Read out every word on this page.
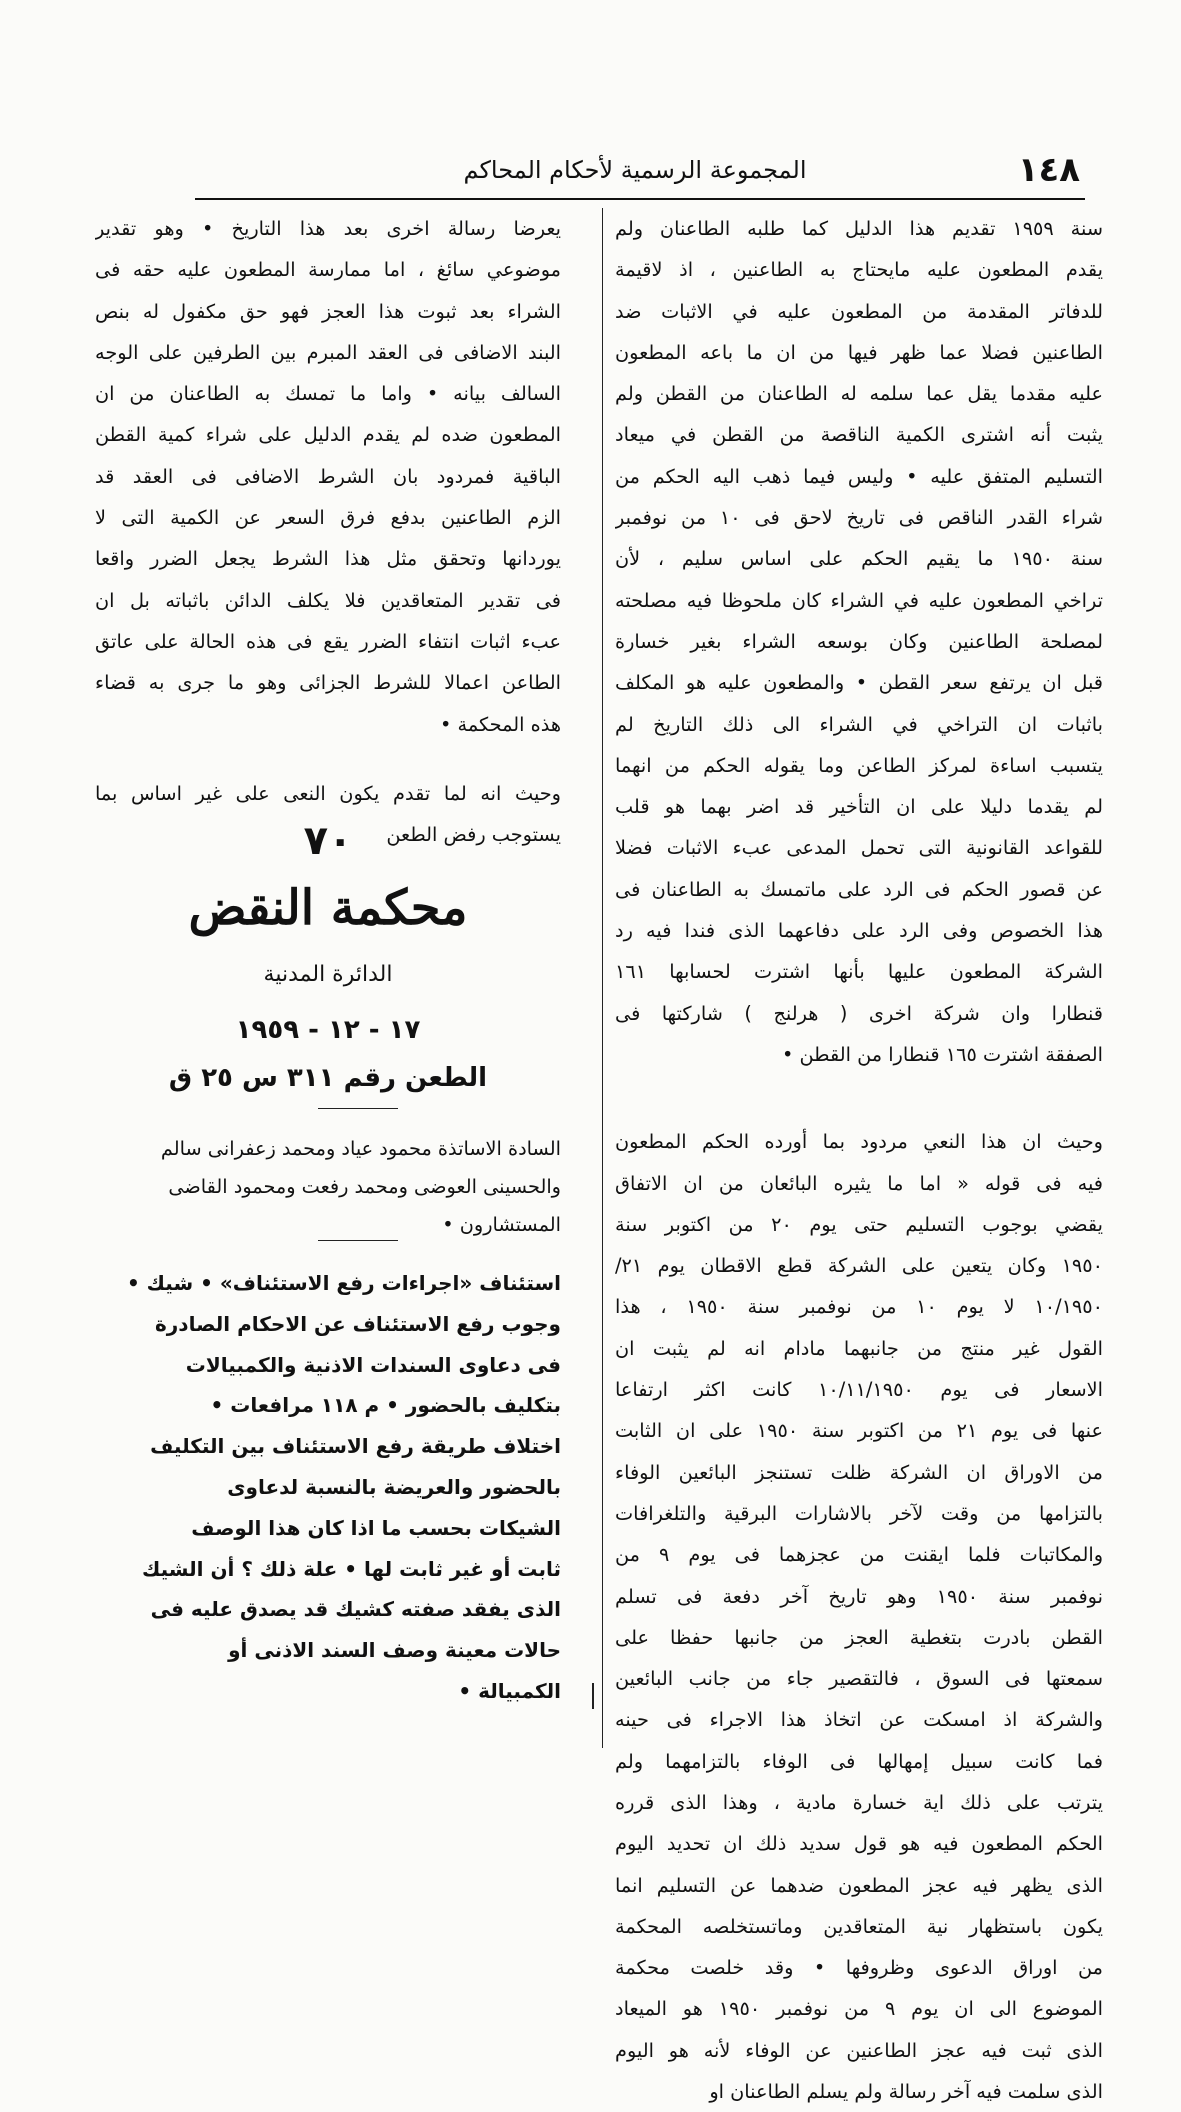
١٤٨
المجموعة الرسمية لأحكام المحاكم
سنة ١٩٥٩ تقديم هذا الدليل كما طلبه الطاعنان ولم
يقدم المطعون عليه مايحتاج به الطاعنين ، اذ لاقيمة
للدفاتر المقدمة من المطعون عليه في الاثبات ضد
الطاعنين فضلا عما ظهر فيها من ان ما باعه المطعون
عليه مقدما يقل عما سلمه له الطاعنان من القطن ولم
يثبت أنه اشترى الكمية الناقصة من القطن في ميعاد
التسليم المتفق عليه • وليس فيما ذهب اليه الحكم من
شراء القدر الناقص فى تاريخ لاحق فى ١٠ من نوفمبر
سنة ١٩٥٠ ما يقيم الحكم على اساس سليم ، لأن
تراخي المطعون عليه في الشراء كان ملحوظا فيه مصلحته
لمصلحة الطاعنين وكان بوسعه الشراء بغير خسارة
قبل ان يرتفع سعر القطن • والمطعون عليه هو المكلف
باثبات ان التراخي في الشراء الى ذلك التاريخ لم
يتسبب اساءة لمركز الطاعن وما يقوله الحكم من انهما
لم يقدما دليلا على ان التأخير قد اضر بهما هو قلب
للقواعد القانونية التى تحمل المدعى عبء الاثبات فضلا
عن قصور الحكم فى الرد على ماتمسك به الطاعنان فى
هذا الخصوص وفى الرد على دفاعهما الذى فندا فيه رد
الشركة المطعون عليها بأنها اشترت لحسابها ١٦١
قنطارا وان شركة اخرى ( هرلنج ) شاركتها فى
الصفقة اشترت ١٦٥ قنطارا من القطن •
وحيث ان هذا النعي مردود بما أورده الحكم المطعون
فيه فى قوله « اما ما يثيره البائعان من ان الاتفاق
يقضي بوجوب التسليم حتى يوم ٢٠ من اكتوبر سنة
١٩٥٠ وكان يتعين على الشركة قطع الاقطان يوم ٢١/
١٠/١٩٥٠ لا يوم ١٠ من نوفمبر سنة ١٩٥٠ ، هذا
القول غير منتج من جانبهما مادام انه لم يثبت ان
الاسعار فى يوم ١٠/١١/١٩٥٠ كانت اكثر ارتفاعا
عنها فى يوم ٢١ من اكتوبر سنة ١٩٥٠ على ان الثابت
من الاوراق ان الشركة ظلت تستنجز البائعين الوفاء
بالتزامها من وقت لآخر بالاشارات البرقية والتلغرافات
والمكاتبات فلما ايقنت من عجزهما فى يوم ٩ من
نوفمبر سنة ١٩٥٠ وهو تاريخ آخر دفعة فى تسلم
القطن بادرت بتغطية العجز من جانبها حفظا على
سمعتها فى السوق ، فالتقصير جاء من جانب البائعين
والشركة اذ امسكت عن اتخاذ هذا الاجراء فى حينه
فما كانت سبيل إمهالها فى الوفاء بالتزامهما ولم
يترتب على ذلك اية خسارة مادية ، وهذا الذى قرره
الحكم المطعون فيه هو قول سديد ذلك ان تحديد اليوم
الذى يظهر فيه عجز المطعون ضدهما عن التسليم انما
يكون باستظهار نية المتعاقدين وماتستخلصه المحكمة
من اوراق الدعوى وظروفها • وقد خلصت محكمة
الموضوع الى ان يوم ٩ من نوفمبر ١٩٥٠ هو الميعاد
الذى ثبت فيه عجز الطاعنين عن الوفاء لأنه هو اليوم
الذى سلمت فيه آخر رسالة ولم يسلم الطاعنان او
يعرضا رسالة اخرى بعد هذا التاريخ • وهو تقدير
موضوعي سائغ ، اما ممارسة المطعون عليه حقه فى
الشراء بعد ثبوت هذا العجز فهو حق مكفول له بنص
البند الاضافى فى العقد المبرم بين الطرفين على الوجه
السالف بيانه • واما ما تمسك به الطاعنان من ان
المطعون ضده لم يقدم الدليل على شراء كمية القطن
الباقية فمردود بان الشرط الاضافى فى العقد قد
الزم الطاعنين بدفع فرق السعر عن الكمية التى لا
يوردانها وتحقق مثل هذا الشرط يجعل الضرر واقعا
فى تقدير المتعاقدين فلا يكلف الدائن باثباته بل ان
عبء اثبات انتفاء الضرر يقع فى هذه الحالة على عاتق
الطاعن اعمالا للشرط الجزائى وهو ما جرى به قضاء
هذه المحكمة •
وحيث انه لما تقدم يكون النعى على غير اساس بما
يستوجب رفض الطعن
٧٠
محكمة النقض
الدائرة المدنية
١٧ - ١٢ - ١٩٥٩
الطعن رقم ٣١١ س ٢٥ ق
السادة الاساتذة محمود عياد ومحمد زعفرانى سالم
والحسينى العوضى ومحمد رفعت ومحمود القاضى
المستشارون •
استئناف «اجراءات رفع الاستئناف» • شيك •
وجوب رفع الاستئناف عن الاحكام الصادرة
فى دعاوى السندات الاذنية والكمبيالات
بتكليف بالحضور • م ١١٨ مرافعات •
اختلاف طريقة رفع الاستئناف بين التكليف
بالحضور والعريضة بالنسبة لدعاوى
الشيكات بحسب ما اذا كان هذا الوصف
ثابت أو غير ثابت لها • علة ذلك ؟ أن الشيك
الذى يفقد صفته كشيك قد يصدق عليه فى
حالات معينة وصف السند الاذنى أو
الكمبيالة •
